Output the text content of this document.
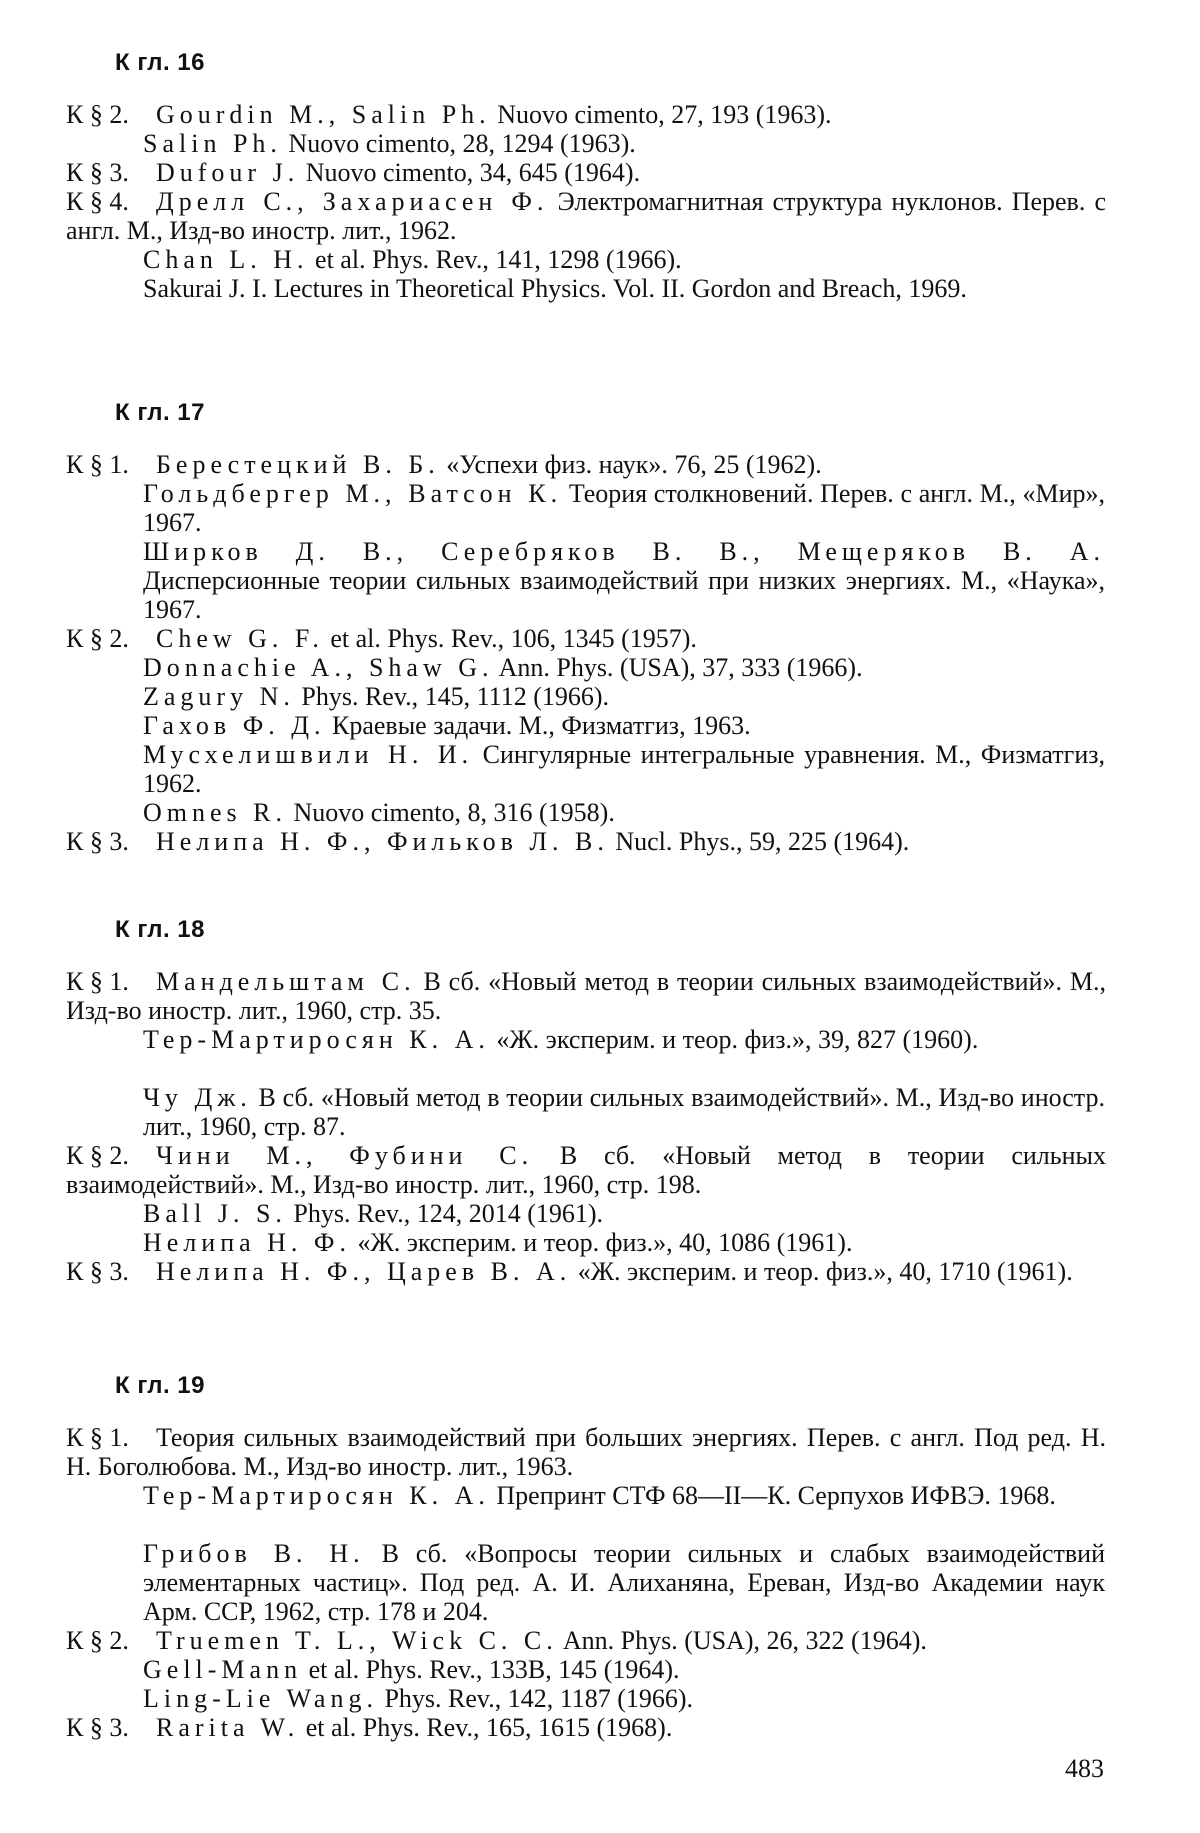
К гл. 16
К § 2. Gourdin M., Salin Ph. Nuovo cimento, 27, 193 (1963).
Salin Ph. Nuovo cimento, 28, 1294 (1963).
К § 3. Dufour J. Nuovo cimento, 34, 645 (1964).
К § 4. Дрелл С., Захариасен Ф. Электромагнитная структура нуклонов. Перев. с англ. М., Изд-во иностр. лит., 1962.
Chan L. H. et al. Phys. Rev., 141, 1298 (1966).
Sakurai J. I. Lectures in Theoretical Physics. Vol. II. Gordon and Breach, 1969.
К гл. 17
К § 1. Берестецкий В. Б. «Успехи физ. наук». 76, 25 (1962).
Гольдбергер М., Ватсон К. Теория столкновений. Перев. с англ. М., «Мир», 1967.
Ширков Д. В., Серебряков В. В., Мещеряков В. А. Дисперсионные теории сильных взаимодействий при низких энергиях. М., «Наука», 1967.
К § 2. Chew G. F. et al. Phys. Rev., 106, 1345 (1957).
Donnachie A., Shaw G. Ann. Phys. (USA), 37, 333 (1966).
Zagury N. Phys. Rev., 145, 1112 (1966).
Гахов Ф. Д. Краевые задачи. М., Физматгиз, 1963.
Мусхелишвили Н. И. Сингулярные интегральные уравнения. М., Физматгиз, 1962.
Omnes R. Nuovo cimento, 8, 316 (1958).
К § 3. Нелипа Н. Ф., Фильков Л. В. Nucl. Phys., 59, 225 (1964).
К гл. 18
К § 1. Мандельштам С. В сб. «Новый метод в теории сильных взаимодействий». М., Изд-во иностр. лит., 1960, стр. 35.
Тер-Мартиросян К. А. «Ж. эксперим. и теор. физ.», 39, 827 (1960).
Чу Дж. В сб. «Новый метод в теории сильных взаимодействий». М., Изд-во иностр. лит., 1960, стр. 87.
К § 2. Чини М., Фубини С. В сб. «Новый метод в теории сильных взаимодействий». М., Изд-во иностр. лит., 1960, стр. 198.
Ball J. S. Phys. Rev., 124, 2014 (1961).
Нелипа Н. Ф. «Ж. эксперим. и теор. физ.», 40, 1086 (1961).
К § 3. Нелипа Н. Ф., Царев В. А. «Ж. эксперим. и теор. физ.», 40, 1710 (1961).
К гл. 19
К § 1. Теория сильных взаимодействий при больших энергиях. Перев. с англ. Под ред. Н. Н. Боголюбова. М., Изд-во иностр. лит., 1963.
Тер-Мартиросян К. А. Препринт СТФ 68—II—К. Серпухов ИФВЭ. 1968.
Грибов В. Н. В сб. «Вопросы теории сильных и слабых взаимодействий элементарных частиц». Под ред. А. И. Алиханяна, Ереван, Изд-во Академии наук Арм. ССР, 1962, стр. 178 и 204.
К § 2. Truemen T. L., Wick C. C. Ann. Phys. (USA), 26, 322 (1964).
Gell-Mann et al. Phys. Rev., 133B, 145 (1964).
Ling-Lie Wang. Phys. Rev., 142, 1187 (1966).
К § 3. Rarita W. et al. Phys. Rev., 165, 1615 (1968).
483
